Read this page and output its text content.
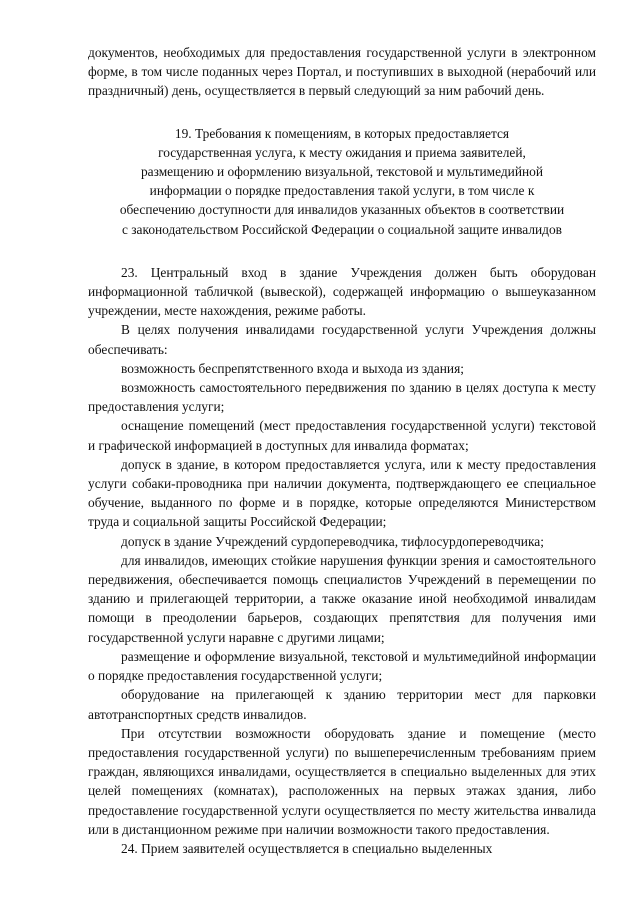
документов, необходимых для предоставления государственной услуги в электронном форме, в том числе поданных через Портал, и поступивших в выходной (нерабочий или праздничный) день, осуществляется в первый следующий за ним рабочий день.

19. Требования к помещениям, в которых предоставляется
государственная услуга, к месту ожидания и приема заявителей,
размещению и оформлению визуальной, текстовой и мультимедийной
информации о порядке предоставления такой услуги, в том числе к
обеспечению доступности для инвалидов указанных объектов в соответствии
с законодательством Российской Федерации о социальной защите инвалидов

23. Центральный вход в здание Учреждения должен быть оборудован информационной табличкой (вывеской), содержащей информацию о вышеуказанном учреждении, месте нахождения, режиме работы.

В целях получения инвалидами государственной услуги Учреждения должны обеспечивать:

возможность беспрепятственного входа и выхода из здания;

возможность самостоятельного передвижения по зданию в целях доступа к месту предоставления услуги;

оснащение помещений (мест предоставления государственной услуги) текстовой и графической информацией в доступных для инвалида форматах;

допуск в здание, в котором предоставляется услуга, или к месту предоставления услуги собаки-проводника при наличии документа, подтверждающего ее специальное обучение, выданного по форме и в порядке, которые определяются Министерством труда и социальной защиты Российской Федерации;

допуск в здание Учреждений сурдопереводчика, тифлосурдопереводчика;

для инвалидов, имеющих стойкие нарушения функции зрения и самостоятельного передвижения, обеспечивается помощь специалистов Учреждений в перемещении по зданию и прилегающей территории, а также оказание иной необходимой инвалидам помощи в преодолении барьеров, создающих препятствия для получения ими государственной услуги наравне с другими лицами;

размещение и оформление визуальной, текстовой и мультимедийной информации о порядке предоставления государственной услуги;

оборудование на прилегающей к зданию территории мест для парковки автотранспортных средств инвалидов.

При отсутствии возможности оборудовать здание и помещение (место предоставления государственной услуги) по вышеперечисленным требованиям прием граждан, являющихся инвалидами, осуществляется в специально выделенных для этих целей помещениях (комнатах), расположенных на первых этажах здания, либо предоставление государственной услуги осуществляется по месту жительства инвалида или в дистанционном режиме при наличии возможности такого предоставления.

24. Прием заявителей осуществляется в специально выделенных
